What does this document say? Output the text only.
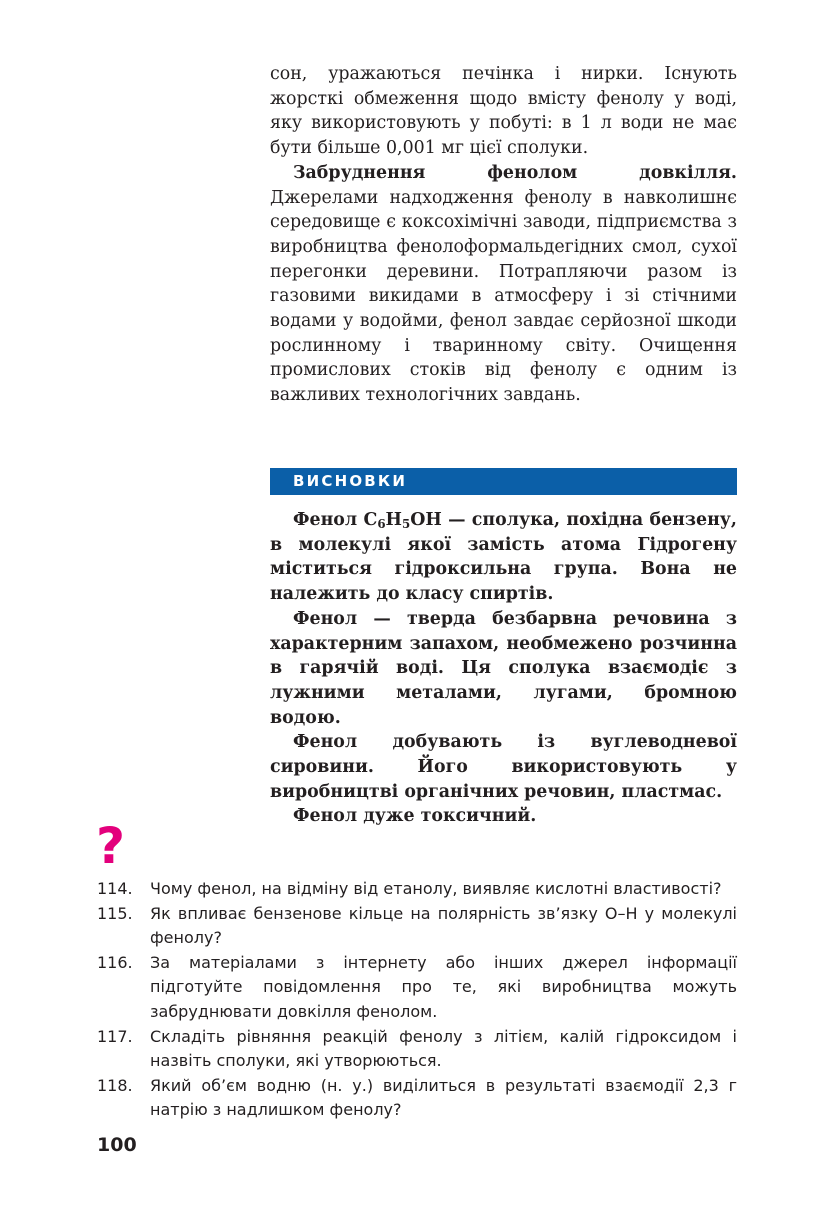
сон, уражаються печінка і нирки. Існують жорсткі обмеження щодо вмісту фенолу у воді, яку використовують у побуті: в 1 л води не має бути більше 0,001 мг цієї сполуки.

Забруднення фенолом довкілля. Джерелами надходження фенолу в навколишнє середовище є коксохімічні заводи, підприємства з виробництва фенолоформальдегідних смол, сухої перегонки деревини. Потрапляючи разом із газовими викидами в атмосферу і зі стічними водами у водойми, фенол завдає серйозної шкоди рослинному і тваринному світу. Очищення промислових стоків від фенолу є одним із важливих технологічних завдань.

ВИСНОВКИ

Фенол $C_6H_5OH$ — сполука, похідна бензену, в молекулі якої замість атома Гідрогену міститься гідроксильна група. Вона не належить до класу спиртів.

Фенол — тверда безбарвна речовина з характерним запахом, необмежено розчинна в гарячій воді. Ця сполука взаємодіє з лужними металами, лугами, бромною водою.

Фенол добувають із вуглеводневої сировини. Його використовують у виробництві органічних речовин, пластмас.

Фенол дуже токсичний.

?
114.	Чому фенол, на відміну від етанолу, виявляє кислотні властивості?
115.	Як впливає бензенове кільце на полярність зв’язку О–Н у молекулі фенолу?
116.	За матеріалами з інтернету або інших джерел інформації підготуйте повідомлення про те, які виробництва можуть забруднювати довкілля фенолом.
117.	Складіть рівняння реакцій фенолу з літієм, калій гідроксидом і назвіть сполуки, які утворюються.
118.	Який об’єм водню (н. у.) виділиться в результаті взаємодії 2,3 г натрію з надлишком фенолу?
100
